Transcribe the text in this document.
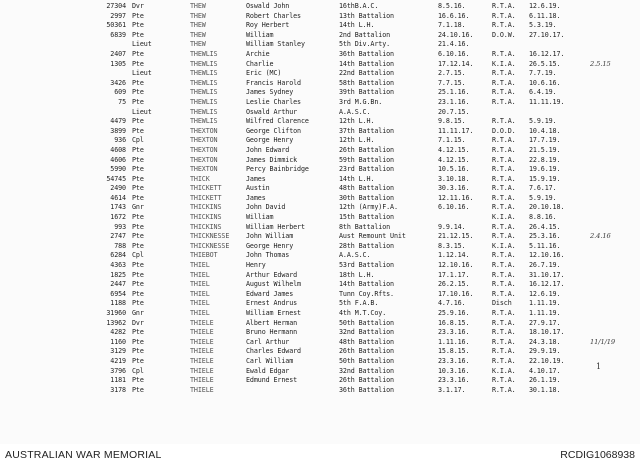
27304 Dvr	THEW	Oswald John	16thB.A.C.	8.5.16.	R.T.A.	12.6.19.
2997 Pte	THEW	Robert Charles	13th Battalion	16.6.16.	R.T.A.	6.11.18.
50361 Pte	THEW	Roy Herbert	14th L.H.	7.1.18.	R.T.A.	5.3.19.
6839 Pte	THEW	William	2nd Battalion	24.10.16.	D.O.W.	27.10.17.
Lieut	THEW	William Stanley	5th Div.Arty.	21.4.16.
2407 Pte	THEWLIS	Archie	36th Battalion	6.10.16.	R.T.A.	16.12.17.
1305 Pte	THEWLIS	Charlie	14th Battalion	17.12.14.	K.I.A.	26.5.15.	2.5.15
Lieut	THEWLIS	Eric (MC)	22nd Battalion	2.7.15.	R.T.A.	7.7.19.
3426 Pte	THEWLIS	Francis Harold	58th Battalion	7.7.15.	R.T.A.	10.6.16.
609 Pte	THEWLIS	James Sydney	39th Battalion	25.1.16.	R.T.A.	6.4.19.
75 Pte	THEWLIS	Leslie Charles	3rd M.G.Bn.	23.1.16.	R.T.A.	11.11.19.
Lieut	THEWLIS	Oswald Arthur	A.A.S.C.	20.7.15.
4479 Pte	THEWLIS	Wilfred Clarence	12th L.H.	9.8.15.	R.T.A.	5.9.19.
3899 Pte	THEXTON	George Clifton	37th Battalion	11.11.17.	D.O.D.	10.4.18.
936 Cpl	THEXTON	George Henry	12th L.H.	7.1.15.	R.T.A.	17.7.19.
4608 Pte	THEXTON	John Edward	26th Battalion	4.12.15.	R.T.A.	21.5.19.
4606 Pte	THEXTON	James Dimmick	59th Battalion	4.12.15.	R.T.A.	22.8.19.
5990 Pte	THEXTON	Percy Bainbridge	23rd Battalion	10.5.16.	R.T.A.	19.6.19.
54745 Pte	THICK	James	14th L.H.	3.10.18.	R.T.A.	15.9.19.
2490 Pte	THICKETT	Austin	48th Battalion	30.3.16.	R.T.A.	7.6.17.
4614 Pte	THICKETT	James	30th Battalion	12.11.16.	R.T.A.	5.9.19.
1743 Gnr	THICKINS	John David	12th (Army)F.A.	6.10.16.	R.T.A.	20.10.18.
1672 Pte	THICKINS	William	15th Battalion	K.I.A.	8.8.16.
993 Pte	THICKINS	William Herbert	8th Battalion	9.9.14.	R.T.A.	26.4.15.
2747 Pte	THICKNESSE	John William	Aust Remount Unit	21.12.15.	R.T.A.	25.3.16.	2.4.16
788 Pte	THICKNESSE	George Henry	28th Battalion	8.3.15.	K.I.A.	5.11.16.
6284 Cpl	THIEBOT	John Thomas	A.A.S.C.	1.12.14.	R.T.A.	12.10.16.
4363 Pte	THIEL	Henry	53rd Battalion	12.10.16.	R.T.A.	26.7.19.
1825 Pte	THIEL	Arthur Edward	18th L.H.	17.1.17.	R.T.A.	31.10.17.
2447 Pte	THIEL	August Wilhelm	14th Battalion	26.2.15.	R.T.A.	16.12.17.
6954 Pte	THIEL	Edward James	Tunn Coy.Rfts.	17.10.16.	R.T.A.	12.6.19.
1188 Pte	THIEL	Ernest Andrus	5th F.A.B.	4.7.16.	Disch	1.11.19.
31960 Gnr	THIEL	William Ernest	4th M.T.Coy.	25.9.16.	R.T.A.	1.11.19.
13962 Dvr	THIELE	Albert Herman	50th Battalion	16.8.15.	R.T.A.	27.9.17.
4282 Pte	THIELE	Bruno Hermann	32nd Battalion	23.3.16.	R.T.A.	18.10.17.
1160 Pte	THIELE	Carl Arthur	48th Battalion	1.11.16.	R.T.A.	24.3.18.	11/1/19
3129 Pte	THIELE	Charles Edward	26th Battalion	15.8.15.	R.T.A.	29.9.19.
4219 Pte	THIELE	Carl William	50th Battalion	23.3.16.	R.T.A.	22.10.19.
3796 Cpl	THIELE	Ewald Edgar	32nd Battalion	10.3.16.	K.I.A.	4.10.17.
1181 Pte	THIELE	Edmund Ernest	26th Battalion	23.3.16.	R.T.A.	26.1.19.
3178 Pte	THIELE	36th Battalion	3.1.17.	R.T.A.	30.1.18.
1
AUSTRALIAN WAR MEMORIAL	RCDIG1068938
